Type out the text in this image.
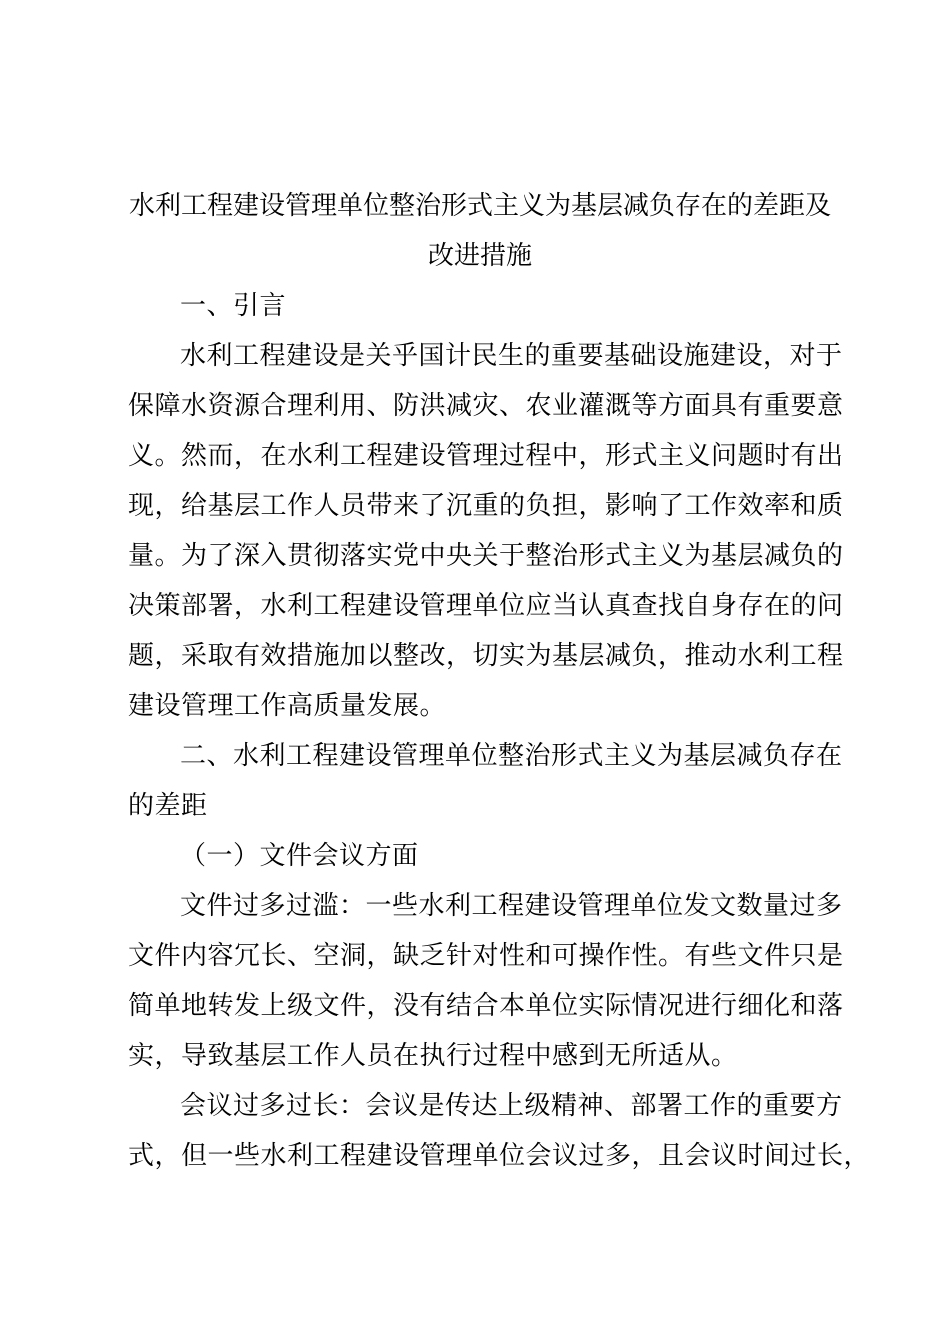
水利工程建设管理单位整治形式主义为基层减负存在的差距及
改进措施
一、引言
水利工程建设是关乎国计民生的重要基础设施建设，对于
保障水资源合理利用、防洪减灾、农业灌溉等方面具有重要意
义。然而，在水利工程建设管理过程中，形式主义问题时有出
现，给基层工作人员带来了沉重的负担，影响了工作效率和质
量。为了深入贯彻落实党中央关于整治形式主义为基层减负的
决策部署，水利工程建设管理单位应当认真查找自身存在的问
题，采取有效措施加以整改，切实为基层减负，推动水利工程
建设管理工作高质量发展。
二、水利工程建设管理单位整治形式主义为基层减负存在
的差距
（一）文件会议方面
文件过多过滥：一些水利工程建设管理单位发文数量过多
文件内容冗长、空洞，缺乏针对性和可操作性。有些文件只是
简单地转发上级文件，没有结合本单位实际情况进行细化和落
实，导致基层工作人员在执行过程中感到无所适从。
会议过多过长：会议是传达上级精神、部署工作的重要方
式，但一些水利工程建设管理单位会议过多，且会议时间过长，
